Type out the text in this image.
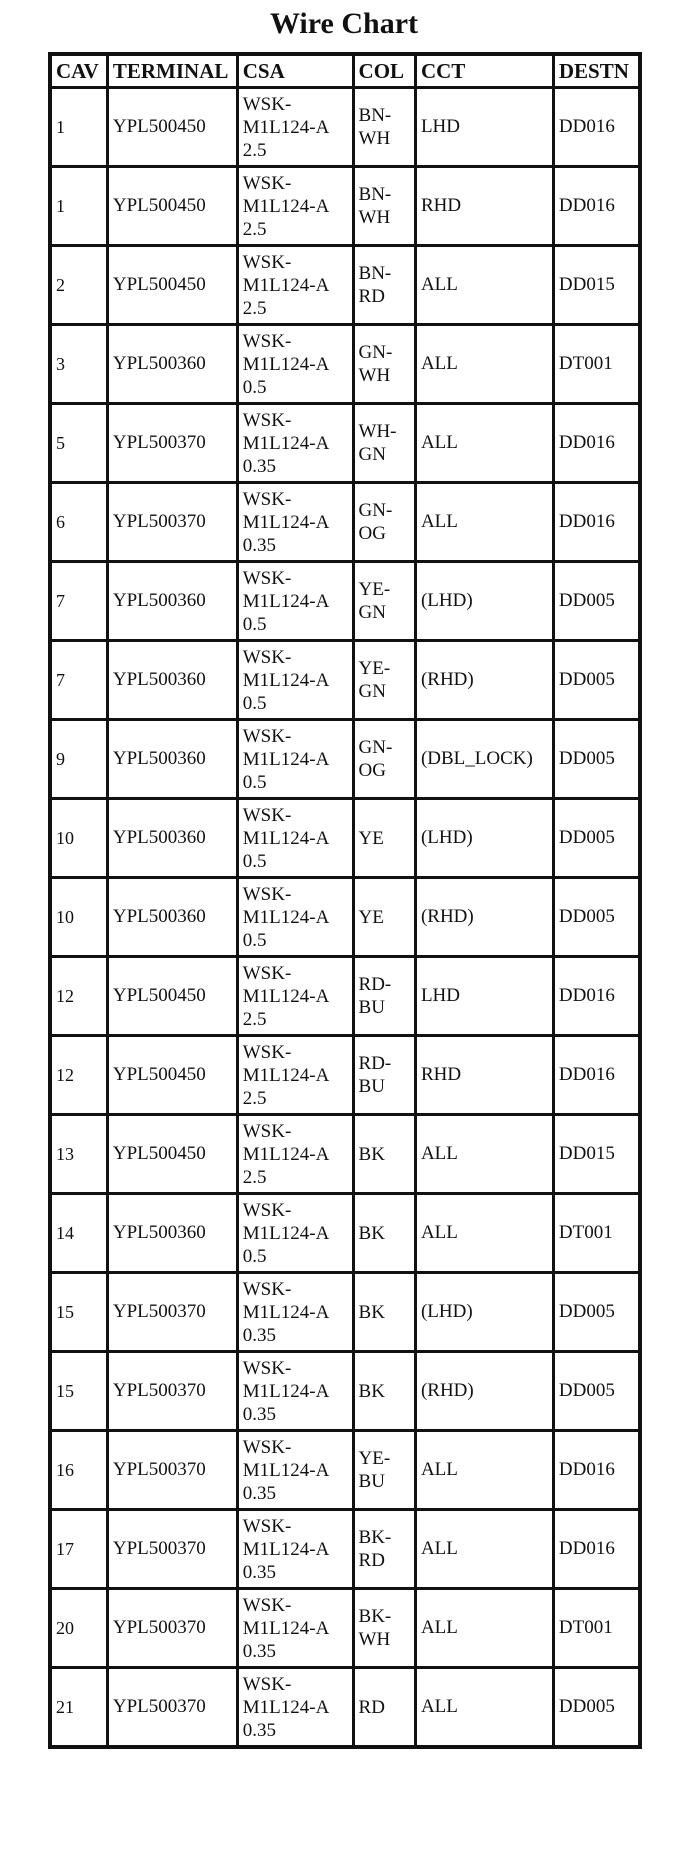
Wire Chart
CAV	TERMINAL	CSA	COL	CCT	DESTN
1	YPL500450	WSK-
M1L124-A
2.5	BN-
WH	LHD	DD016
1	YPL500450	WSK-
M1L124-A
2.5	BN-
WH	RHD	DD016
2	YPL500450	WSK-
M1L124-A
2.5	BN-
RD	ALL	DD015
3	YPL500360	WSK-
M1L124-A
0.5	GN-
WH	ALL	DT001
5	YPL500370	WSK-
M1L124-A
0.35	WH-
GN	ALL	DD016
6	YPL500370	WSK-
M1L124-A
0.35	GN-
OG	ALL	DD016
7	YPL500360	WSK-
M1L124-A
0.5	YE-
GN	(LHD)	DD005
7	YPL500360	WSK-
M1L124-A
0.5	YE-
GN	(RHD)	DD005
9	YPL500360	WSK-
M1L124-A
0.5	GN-
OG	(DBL_LOCK)	DD005
10	YPL500360	WSK-
M1L124-A
0.5	YE	(LHD)	DD005
10	YPL500360	WSK-
M1L124-A
0.5	YE	(RHD)	DD005
12	YPL500450	WSK-
M1L124-A
2.5	RD-
BU	LHD	DD016
12	YPL500450	WSK-
M1L124-A
2.5	RD-
BU	RHD	DD016
13	YPL500450	WSK-
M1L124-A
2.5	BK	ALL	DD015
14	YPL500360	WSK-
M1L124-A
0.5	BK	ALL	DT001
15	YPL500370	WSK-
M1L124-A
0.35	BK	(LHD)	DD005
15	YPL500370	WSK-
M1L124-A
0.35	BK	(RHD)	DD005
16	YPL500370	WSK-
M1L124-A
0.35	YE-
BU	ALL	DD016
17	YPL500370	WSK-
M1L124-A
0.35	BK-
RD	ALL	DD016
20	YPL500370	WSK-
M1L124-A
0.35	BK-
WH	ALL	DT001
21	YPL500370	WSK-
M1L124-A
0.35	RD	ALL	DD005
